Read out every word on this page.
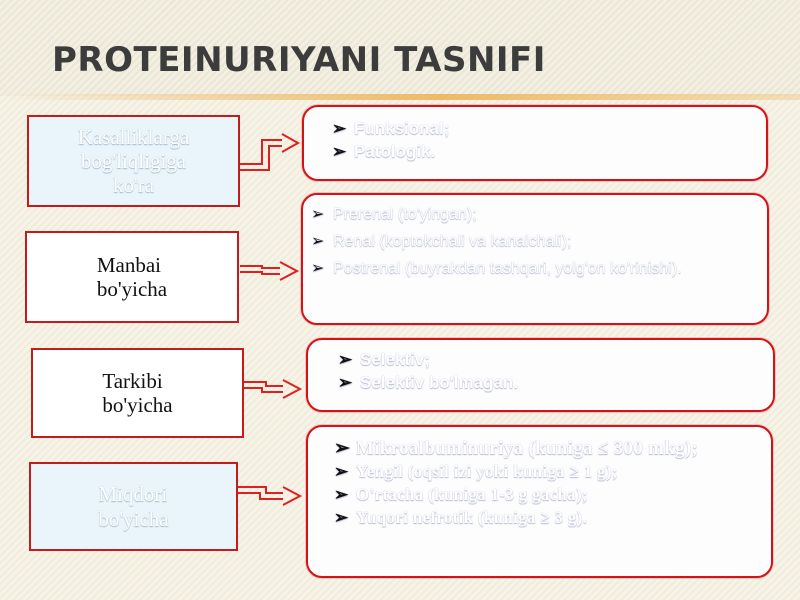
PROTEINURIYANI TASNIFI
Kasalliklarga
bog'liqligiga
ko'ra
Manbai
bo'yicha
Tarkibi
bo'yicha
Miqdori
bo'yicha
➢ Funksional;
➢ Patologik.
➢ Prerenal (to'yingan);
➢ Renal (koptokchali va kanalchali);
➢ Postrenal (buyrakdan tashqari, yolg'on ko'rinishi).
➢ Selektiv;
➢ Selektiv bo'lmagan.
➢ Mikroalbuminuriya (kuniga ≤ 300 mkg);
➢ Yengil (oqsil izi yoki kuniga ≥ 1 g);
➢ O'rtacha (kuniga 1-3 g gacha);
➢ Yuqori nefrotik (kuniga ≥ 3 g).
